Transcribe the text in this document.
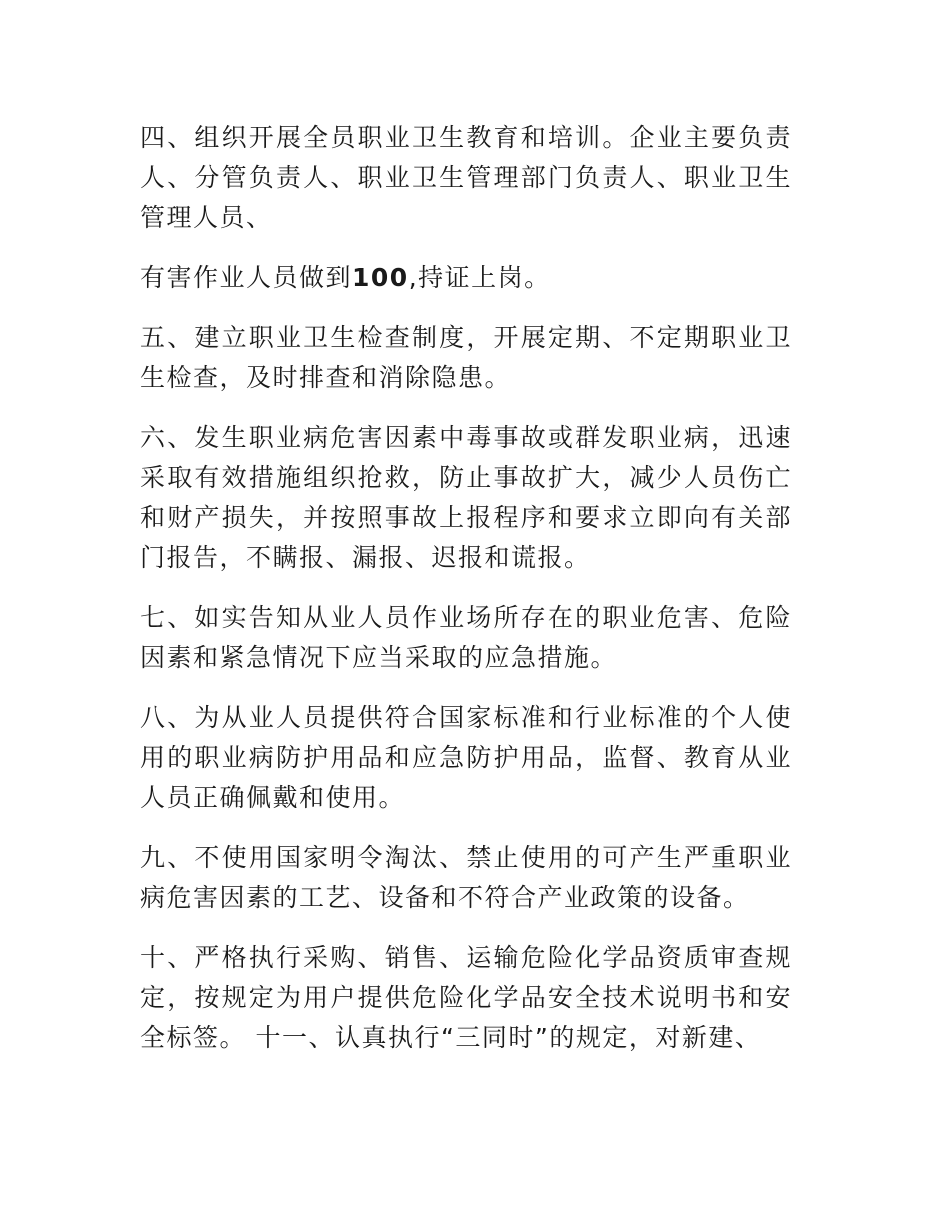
四、组织开展全员职业卫生教育和培训。企业主要负责人、分管负责人、职业卫生管理部门负责人、职业卫生管理人员、

有害作业人员做到100,持证上岗。

五、建立职业卫生检查制度，开展定期、不定期职业卫生检查，及时排查和消除隐患。

六、发生职业病危害因素中毒事故或群发职业病，迅速采取有效措施组织抢救，防止事故扩大，减少人员伤亡和财产损失，并按照事故上报程序和要求立即向有关部门报告，不瞒报、漏报、迟报和谎报。

七、如实告知从业人员作业场所存在的职业危害、危险因素和紧急情况下应当采取的应急措施。

八、为从业人员提供符合国家标准和行业标准的个人使用的职业病防护用品和应急防护用品，监督、教育从业人员正确佩戴和使用。

九、不使用国家明令淘汰、禁止使用的可产生严重职业病危害因素的工艺、设备和不符合产业政策的设备。

十、严格执行采购、销售、运输危险化学品资质审查规定，按规定为用户提供危险化学品安全技术说明书和安全标签。 十一、认真执行“三同时”的规定，对新建、
